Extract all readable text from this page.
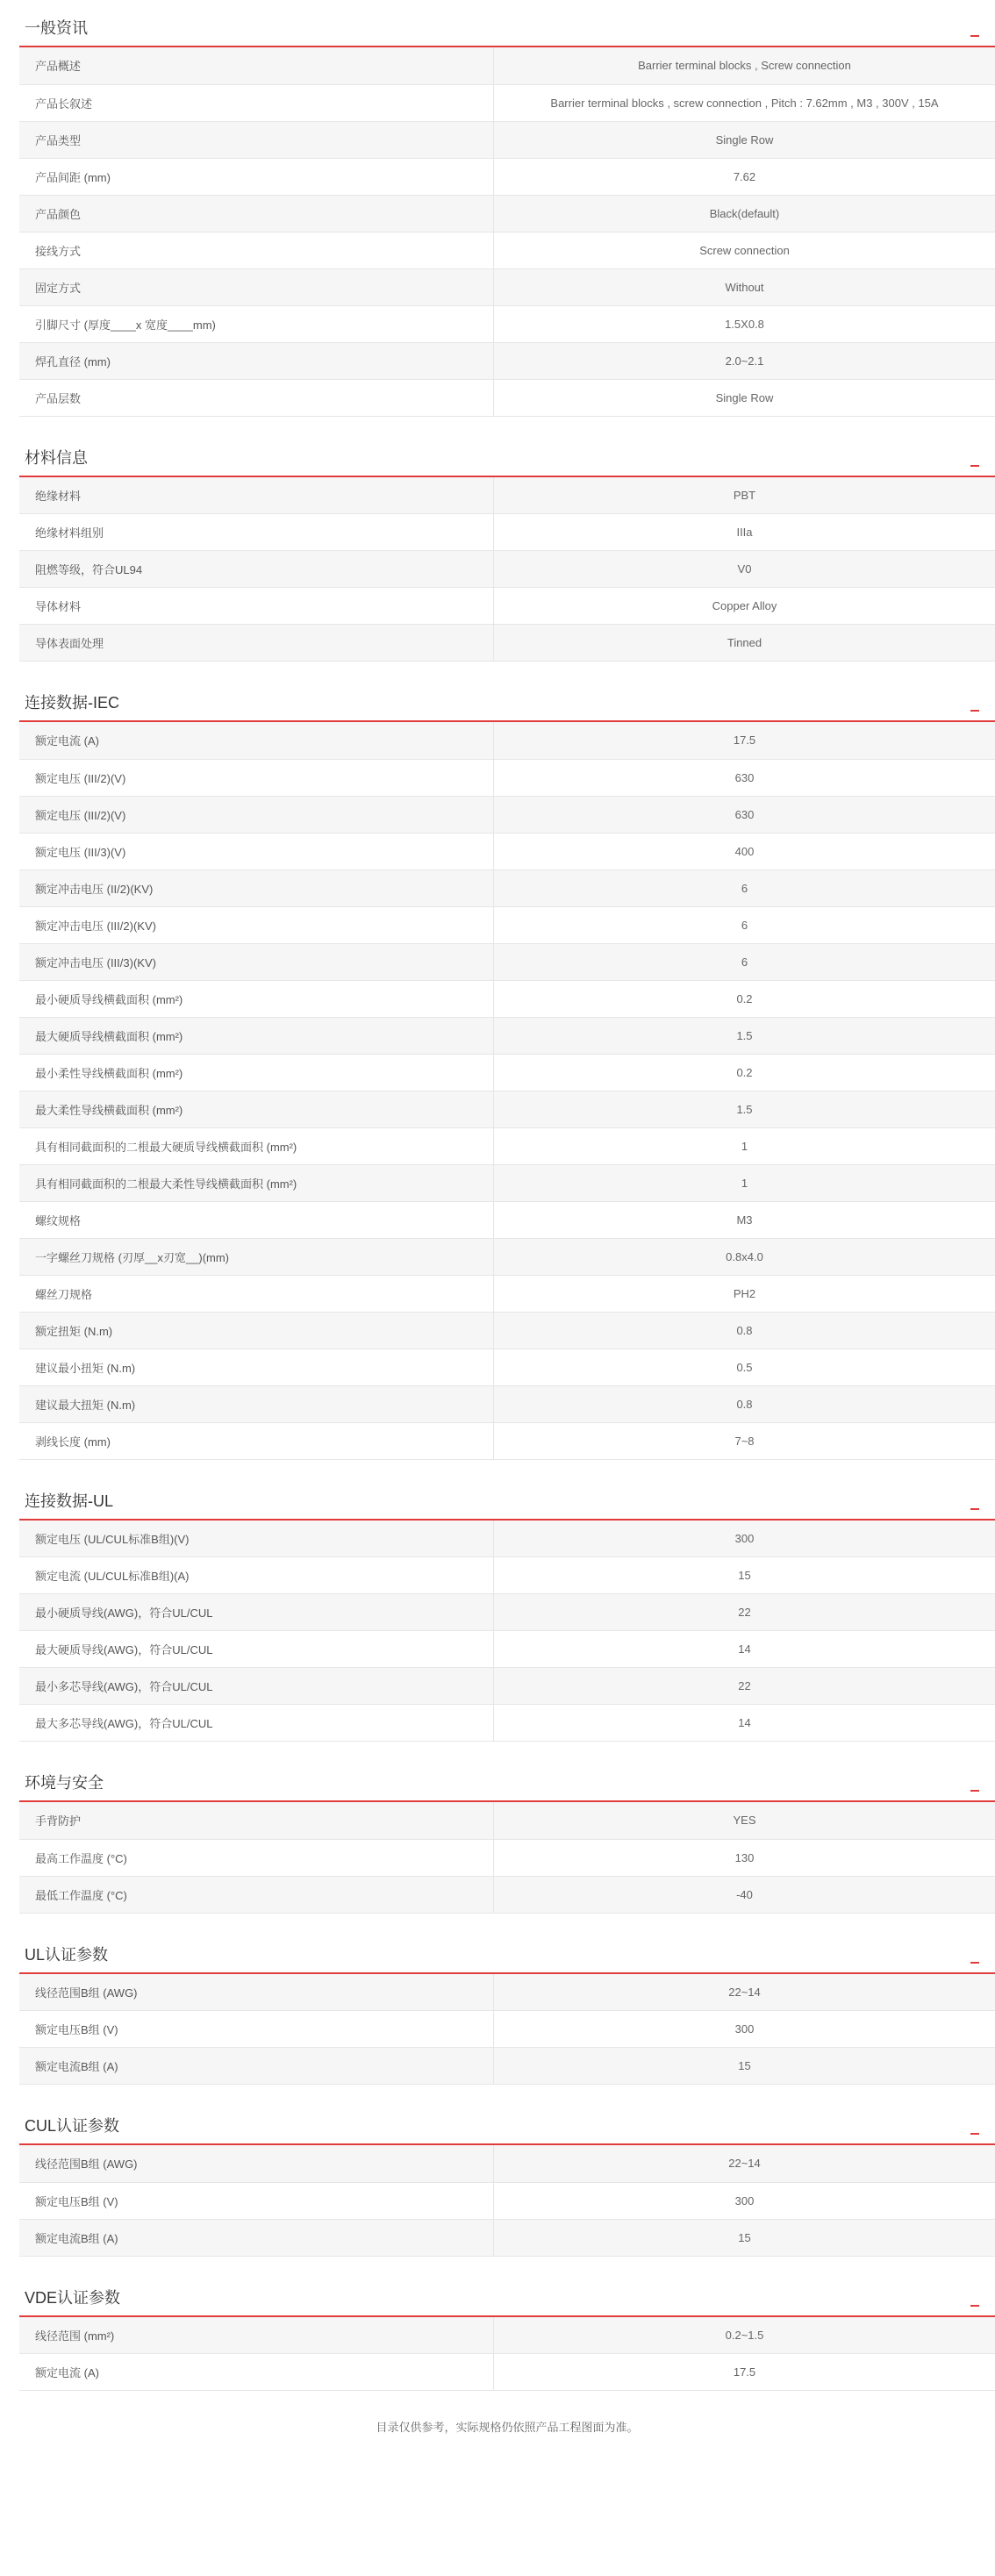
一般资讯
产品概述	Barrier terminal blocks , Screw connection
产品长叙述	Barrier terminal blocks , screw connection , Pitch : 7.62mm , M3 , 300V , 15A
产品类型	Single Row
产品间距 (mm)	7.62
产品颜色	Black(default)
接线方式	Screw connection
固定方式	Without
引脚尺寸 (厚度____x 宽度____mm)	1.5X0.8
焊孔直径 (mm)	2.0~2.1
产品层数	Single Row
材料信息
绝缘材料	PBT
绝缘材料组别	IIIa
阻燃等级，符合UL94	V0
导体材料	Copper Alloy
导体表面处理	Tinned
连接数据-IEC
额定电流 (A)	17.5
额定电压 (III/2)(V)	630
额定电压 (III/2)(V)	630
额定电压 (III/3)(V)	400
额定冲击电压 (II/2)(KV)	6
额定冲击电压 (III/2)(KV)	6
额定冲击电压 (III/3)(KV)	6
最小硬质导线横截面积 (mm²)	0.2
最大硬质导线横截面积 (mm²)	1.5
最小柔性导线横截面积 (mm²)	0.2
最大柔性导线横截面积 (mm²)	1.5
具有相同截面积的二根最大硬质导线横截面积 (mm²)	1
具有相同截面积的二根最大柔性导线横截面积 (mm²)	1
螺纹规格	M3
一字螺丝刀规格 (刃厚__x刃宽__)(mm)	0.8x4.0
螺丝刀规格	PH2
额定扭矩 (N.m)	0.8
建议最小扭矩 (N.m)	0.5
建议最大扭矩 (N.m)	0.8
剥线长度 (mm)	7~8
连接数据-UL
额定电压 (UL/CUL标准B组)(V)	300
额定电流 (UL/CUL标准B组)(A)	15
最小硬质导线(AWG)，符合UL/CUL	22
最大硬质导线(AWG)，符合UL/CUL	14
最小多芯导线(AWG)，符合UL/CUL	22
最大多芯导线(AWG)，符合UL/CUL	14
环境与安全
手背防护	YES
最高工作温度 (°C)	130
最低工作温度 (°C)	-40
UL认证参数
线径范围B组 (AWG)	22~14
额定电压B组 (V)	300
额定电流B组 (A)	15
CUL认证参数
线径范围B组 (AWG)	22~14
额定电压B组 (V)	300
额定电流B组 (A)	15
VDE认证参数
线径范围 (mm²)	0.2~1.5
额定电流 (A)	17.5
目录仅供参考，实际规格仍依照产品工程图面为准。
